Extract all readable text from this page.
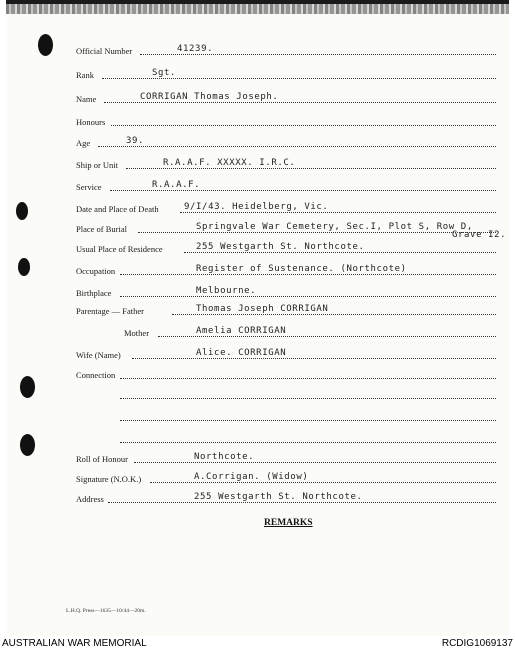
Official Number	41239.
Rank	Sgt.
Name	CORRIGAN Thomas Joseph.
Honours
Age	39.
Ship or Unit	R.A.A.F. XXXXX. I.R.C.
Service	R.A.A.F.
Date and Place of Death	9/I/43. Heidelberg, Vic.
Place of Burial	Springvale War Cemetery, Sec.I, Plot S, Row D,
Grave I2.
Usual Place of Residence	255 Westgarth St. Northcote.
Occupation	Register of Sustenance. (Northcote)
Birthplace	Melbourne.
Parentage — Father	Thomas Joseph CORRIGAN
Mother	Amelia CORRIGAN
Wife (Name)	Alice. CORRIGAN
Connection
Roll of Honour	Northcote.
Signature (N.O.K.)	A.Corrigan. (Widow)
Address	255 Westgarth St. Northcote.
REMARKS
L.H.Q. Press—1635—10/44—20m.
AUSTRALIAN WAR MEMORIAL	RCDIG1069137
